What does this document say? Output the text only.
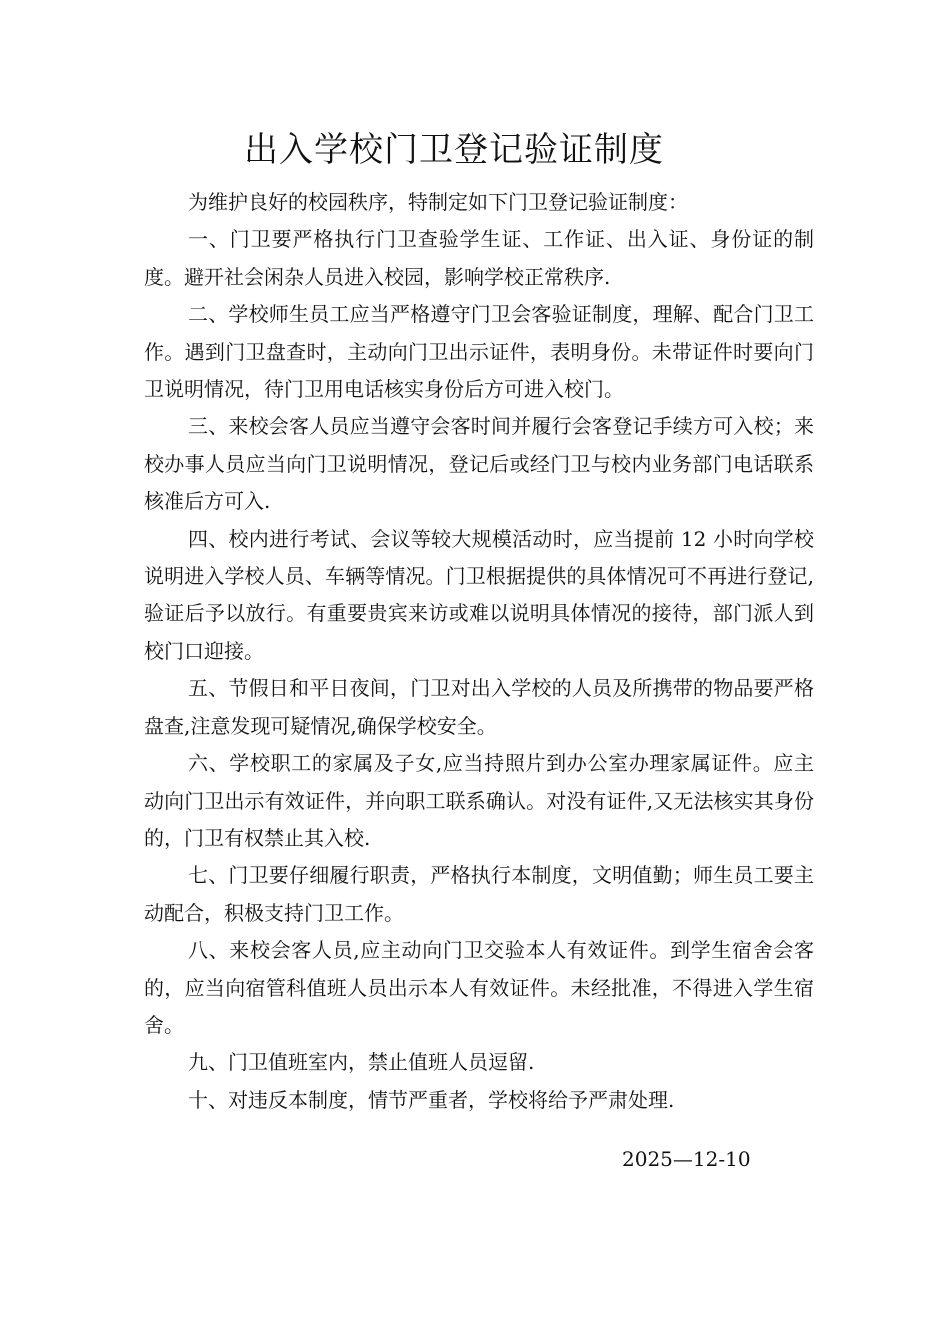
出入学校门卫登记验证制度

为维护良好的校园秩序，特制定如下门卫登记验证制度：

一、门卫要严格执行门卫查验学生证、工作证、出入证、身份证的制度。避开社会闲杂人员进入校园，影响学校正常秩序.

二、学校师生员工应当严格遵守门卫会客验证制度，理解、配合门卫工作。遇到门卫盘查时，主动向门卫出示证件，表明身份。未带证件时要向门卫说明情况，待门卫用电话核实身份后方可进入校门。

三、来校会客人员应当遵守会客时间并履行会客登记手续方可入校；来校办事人员应当向门卫说明情况，登记后或经门卫与校内业务部门电话联系核准后方可入.

四、校内进行考试、会议等较大规模活动时，应当提前 12 小时向学校说明进入学校人员、车辆等情况。门卫根据提供的具体情况可不再进行登记,验证后予以放行。有重要贵宾来访或难以说明具体情况的接待，部门派人到校门口迎接。

五、节假日和平日夜间，门卫对出入学校的人员及所携带的物品要严格盘查,注意发现可疑情况,确保学校安全。

六、学校职工的家属及子女,应当持照片到办公室办理家属证件。应主动向门卫出示有效证件，并向职工联系确认。对没有证件,又无法核实其身份的，门卫有权禁止其入校.

七、门卫要仔细履行职责，严格执行本制度，文明值勤；师生员工要主动配合，积极支持门卫工作。

八、来校会客人员,应主动向门卫交验本人有效证件。到学生宿舍会客的，应当向宿管科值班人员出示本人有效证件。未经批准，不得进入学生宿舍。

九、门卫值班室内，禁止值班人员逗留.

十、对违反本制度，情节严重者，学校将给予严肃处理.

2025—12-10
